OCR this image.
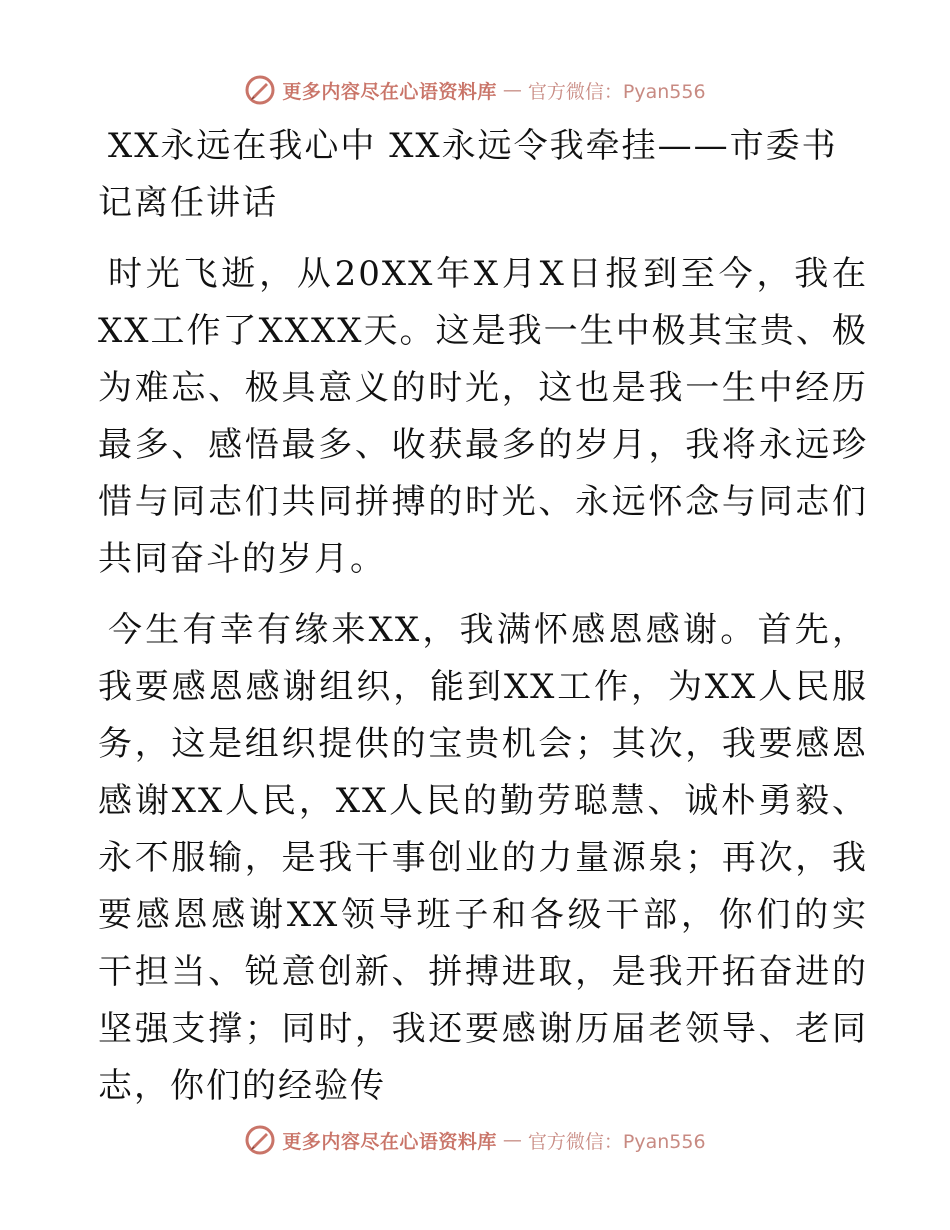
更多内容尽在心语资料库 — 官方微信：Pyan556
XX永远在我心中 XX永远令我牵挂——市委书记离任讲话

时光飞逝，从20XX年X月X日报到至今，我在XX工作了XXXX天。这是我一生中极其宝贵、极为难忘、极具意义的时光，这也是我一生中经历最多、感悟最多、收获最多的岁月，我将永远珍惜与同志们共同拼搏的时光、永远怀念与同志们共同奋斗的岁月。

今生有幸有缘来XX，我满怀感恩感谢。首先，我要感恩感谢组织，能到XX工作，为XX人民服务，这是组织提供的宝贵机会；其次，我要感恩感谢XX人民，XX人民的勤劳聪慧、诚朴勇毅、永不服输，是我干事创业的力量源泉；再次，我要感恩感谢XX领导班子和各级干部，你们的实干担当、锐意创新、拼搏进取，是我开拓奋进的坚强支撑；同时，我还要感谢历届老领导、老同志，你们的经验传

更多内容尽在心语资料库 — 官方微信：Pyan556
